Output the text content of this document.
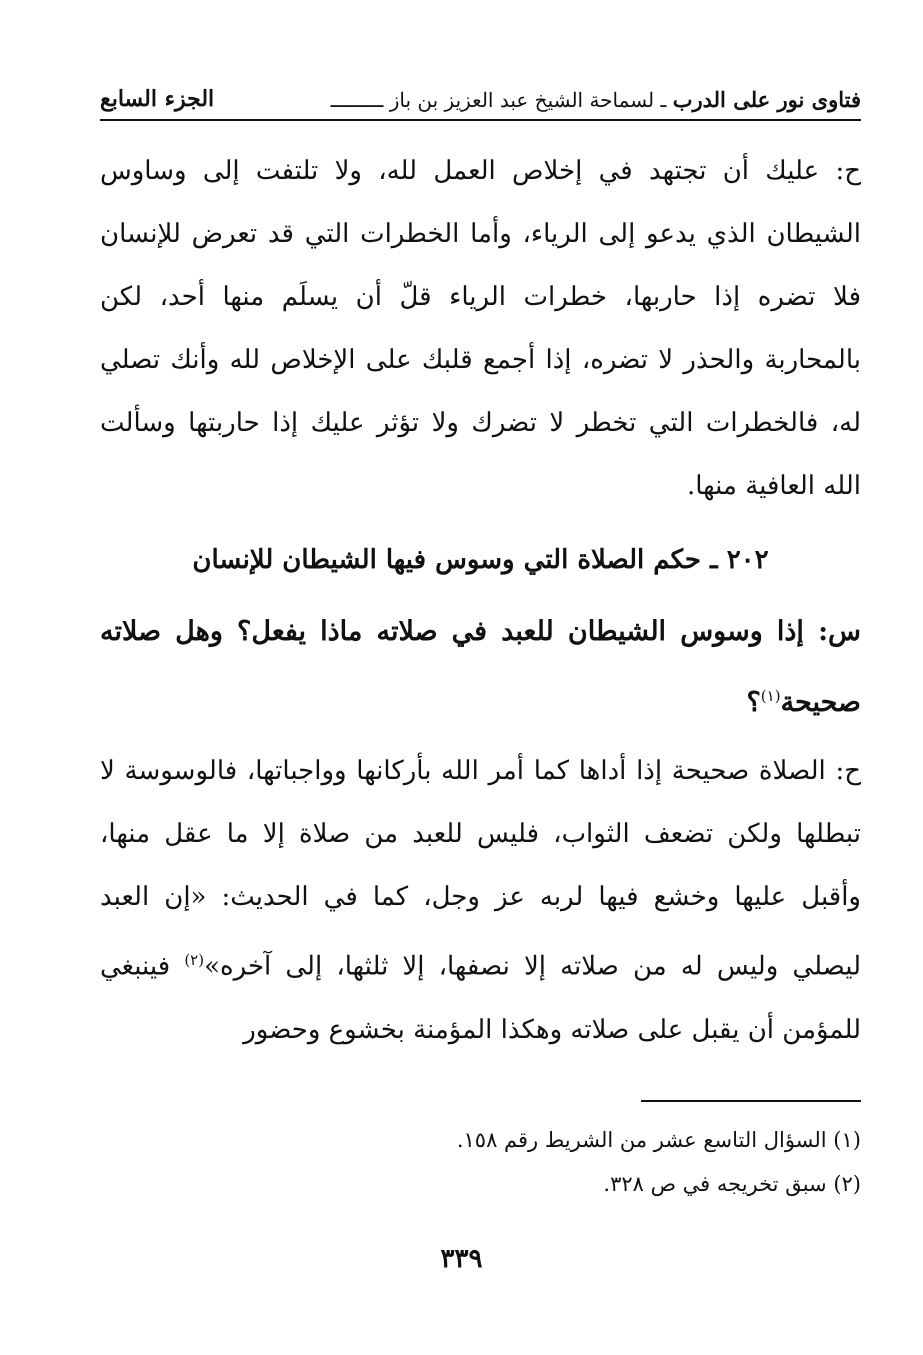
فتاوى نور على الدرب ـ لسماحة الشيخ عبد العزيز بن باز ـــــــــ
الجزء السابع

ح: عليك أن تجتهد في إخلاص العمل لله، ولا تلتفت إلى وساوس الشيطان الذي يدعو إلى الرياء، وأما الخطرات التي قد تعرض للإنسان فلا تضره إذا حاربها، خطرات الرياء قلّ أن يسلَم منها أحد، لكن بالمحاربة والحذر لا تضره، إذا أجمع قلبك على الإخلاص لله وأنك تصلي له، فالخطرات التي تخطر لا تضرك ولا تؤثر عليك إذا حاربتها وسألت الله العافية منها.

٢٠٢ ـ حكم الصلاة التي وسوس فيها الشيطان للإنسان

س: إذا وسوس الشيطان للعبد في صلاته ماذا يفعل؟ وهل صلاته صحيحة$^{(١)}$؟

ح: الصلاة صحيحة إذا أداها كما أمر الله بأركانها وواجباتها، فالوسوسة لا تبطلها ولكن تضعف الثواب، فليس للعبد من صلاة إلا ما عقل منها، وأقبل عليها وخشع فيها لربه عز وجل، كما في الحديث: «إن العبد ليصلي وليس له من صلاته إلا نصفها، إلا ثلثها، إلى آخره»$^{(٢)}$ فينبغي للمؤمن أن يقبل على صلاته وهكذا المؤمنة بخشوع وحضور

(١) السؤال التاسع عشر من الشريط رقم ١٥٨.
(٢) سبق تخريجه في ص ٣٢٨.
٣٣٩
